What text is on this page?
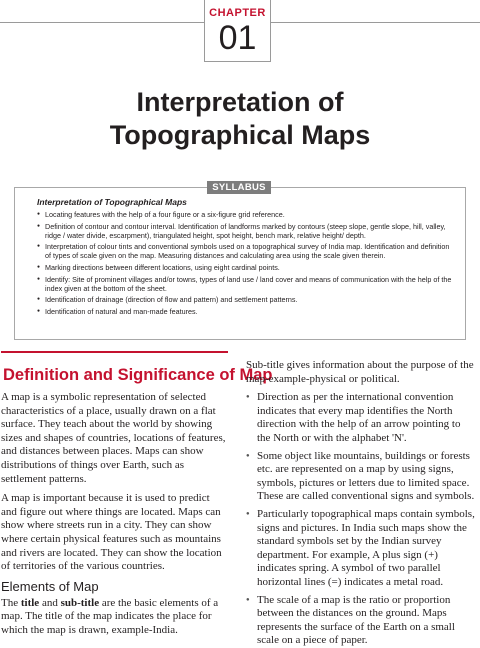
CHAPTER
01
Interpretation of
Topographical Maps
SYLLABUS
Interpretation of Topographical Maps
● Locating features with the help of a four figure or a six-figure grid reference.
● Definition of contour and contour interval. Identification of landforms marked by contours (steep slope, gentle slope, hill, valley, ridge / water divide, escarpment), triangulated height, spot height, bench mark, relative height/ depth.
● Interpretation of colour tints and conventional symbols used on a topographical survey of India map. Identification and definition of types of scale given on the map. Measuring distances and calculating area using the scale given therein.
● Marking directions between different locations, using eight cardinal points.
● Identify: Site of prominent villages and/or towns, types of land use / land cover and means of communication with the help of the index given at the bottom of the sheet.
● Identification of drainage (direction of flow and pattern) and settlement patterns.
● Identification of natural and man-made features.
Definition and Significance of Map

A map is a symbolic representation of selected characteristics of a place, usually drawn on a flat surface. They teach about the world by showing sizes and shapes of countries, locations of features, and distances between places. Maps can show distributions of things over Earth, such as settlement patterns.

A map is important because it is used to predict and figure out where things are located. Maps can show where streets run in a city. They can show where certain physical features such as mountains and rivers are located. They can show the location of territories of the various countries.

Elements of Map

The title and sub-title are the basic elements of a map. The title of the map indicates the place for which the map is drawn, example-India.

Sub-title gives information about the purpose of the map-example-physical or political.

● Direction as per the international convention indicates that every map identifies the North direction with the help of an arrow pointing to the North or with the alphabet 'N'.

● Some object like mountains, buildings or forests etc. are represented on a map by using signs, symbols, pictures or letters due to limited space. These are called conventional signs and symbols.

● Particularly topographical maps contain symbols, signs and pictures. In India such maps show the standard symbols set by the Indian survey department. For example, A plus sign (+) indicates spring. A symbol of two parallel horizontal lines (=) indicates a metal road.

● The scale of a map is the ratio or proportion between the distances on the ground. Maps represents the surface of the Earth on a small scale on a piece of paper.
